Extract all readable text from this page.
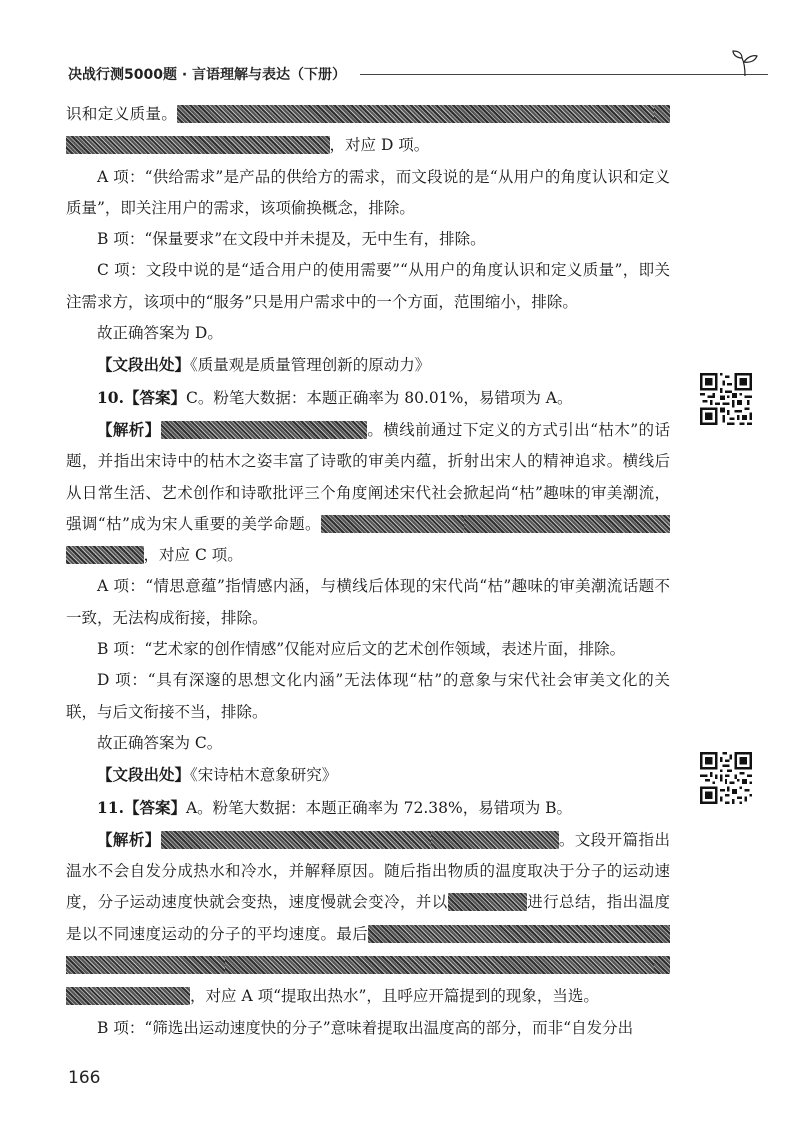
决战行测5000题 · 言语理解与表达（下册）

识和定义质量。，对应 D 项。

A 项：“供给需求”是产品的供给方的需求，而文段说的是“从用户的角度认识和定义质量”，即关注用户的需求，该项偷换概念，排除。

B 项：“保量要求”在文段中并未提及，无中生有，排除。

C 项：文段中说的是“适合用户的使用需要”“从用户的角度认识和定义质量”，即关注需求方，该项中的“服务”只是用户需求中的一个方面，范围缩小，排除。

故正确答案为 D。

【文段出处】《质量观是质量管理创新的原动力》

10.【答案】C。粉笔大数据：本题正确率为 80.01%，易错项为 A。

【解析】	。横线前通过下定义的方式引出“枯木”的话题，并指出宋诗中的枯木之姿丰富了诗歌的审美内蕴，折射出宋人的精神追求。横线后从日常生活、艺术创作和诗歌批评三个角度阐述宋代社会掀起尚“枯”趣味的审美潮流，强调“枯”成为宋人重要的美学命题。，对应 C 项。

A 项：“情思意蕴”指情感内涵，与横线后体现的宋代尚“枯”趣味的审美潮流话题不一致，无法构成衔接，排除。

B 项：“艺术家的创作情感”仅能对应后文的艺术创作领域，表述片面，排除。

D 项：“具有深邃的思想文化内涵”无法体现“枯”的意象与宋代社会审美文化的关联，与后文衔接不当，排除。

故正确答案为 C。

【文段出处】《宋诗枯木意象研究》

11.【答案】A。粉笔大数据：本题正确率为 72.38%，易错项为 B。

【解析】	。文段开篇指出温水不会自发分成热水和冷水，并解释原因。随后指出物质的温度取决于分子的运动速度，分子运动速度快就会变热，速度慢就会变冷，并以	进行总结，指出温度是以不同速度运动的分子的平均速度。最后，对应 A 项“提取出热水”，且呼应开篇提到的现象，当选。

B 项：“筛选出运动速度快的分子”意味着提取出温度高的部分，而非“自发分出

166
